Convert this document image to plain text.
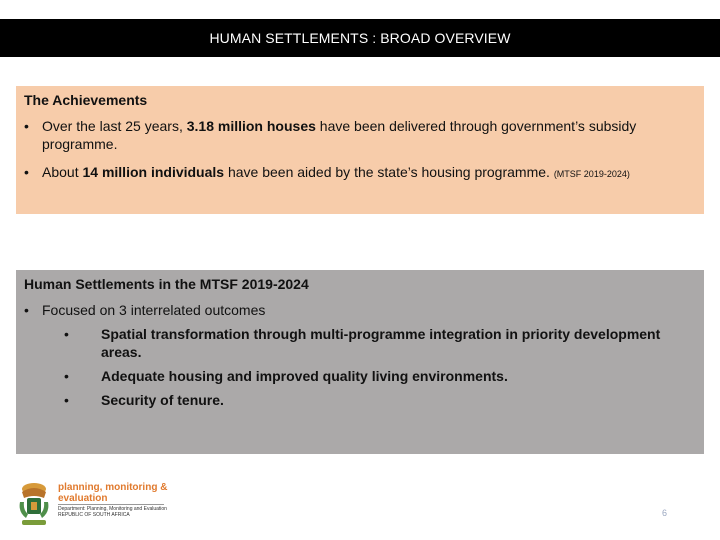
HUMAN SETTLEMENTS : BROAD OVERVIEW
The Achievements
• Over the last 25 years, 3.18 million houses have been delivered through government’s subsidy programme.
• About 14 million individuals have been aided by the state’s housing programme. (MTSF 2019-2024)
Human Settlements in the MTSF 2019-2024
• Focused on 3 interrelated outcomes
•	Spatial transformation through multi-programme integration in priority development areas.
•	Adequate housing and improved quality living environments.
•	Security of tenure.
planning, monitoring & evaluation
Department: Planning, Monitoring and Evaluation REPUBLIC OF SOUTH AFRICA	6
